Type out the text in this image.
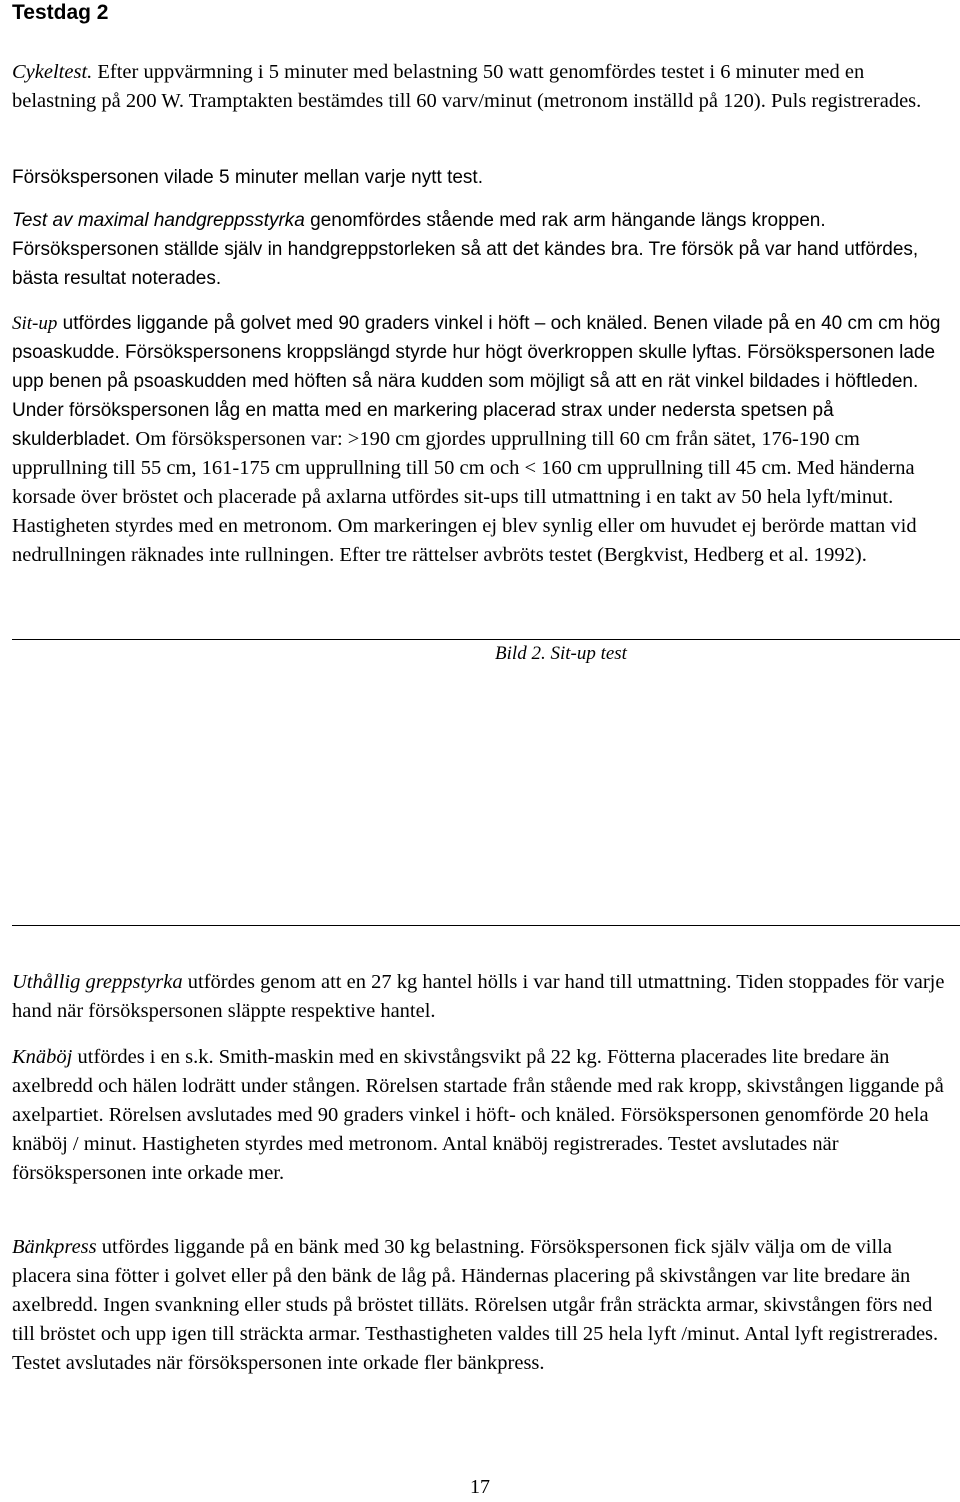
Testdag 2

Cykeltest. Efter uppvärmning i 5 minuter med belastning 50 watt genomfördes testet i 6 minuter med en belastning på 200 W. Tramptakten bestämdes till 60 varv/minut (metronom inställd på 120). Puls registrerades.

Försökspersonen vilade 5 minuter mellan varje nytt test.

Test av maximal handgreppsstyrka genomfördes stående med rak arm hängande längs kroppen. Försökspersonen ställde själv in handgreppstorleken så att det kändes bra. Tre försök på var hand utfördes, bästa resultat noterades.

Sit-up utfördes liggande på golvet med 90 graders vinkel i höft – och knäled. Benen vilade på en 40 cm cm hög psoaskudde. Försökspersonens kroppslängd styrde hur högt överkroppen skulle lyftas. Försökspersonen lade upp benen på psoaskudden med höften så nära kudden som möjligt så att en rät vinkel bildades i höftleden. Under försökspersonen låg en matta med en markering placerad strax under nedersta spetsen på skulderbladet. Om försökspersonen var: >190 cm gjordes upprullning till 60 cm från sätet, 176-190 cm upprullning till 55 cm, 161-175 cm upprullning till 50 cm och < 160 cm upprullning till 45 cm. Med händerna korsade över bröstet och placerade på axlarna utfördes sit-ups till utmattning i en takt av 50 hela lyft/minut. Hastigheten styrdes med en metronom. Om markeringen ej blev synlig eller om huvudet ej berörde mattan vid nedrullningen räknades inte rullningen. Efter tre rättelser avbröts testet (Bergkvist, Hedberg et al. 1992).

Bild 2. Sit-up test

Uthållig greppstyrka utfördes genom att en 27 kg hantel hölls i var hand till utmattning. Tiden stoppades för varje hand när försökspersonen släppte respektive hantel.

Knäböj utfördes i en s.k. Smith-maskin med en skivstångsvikt på 22 kg. Fötterna placerades lite bredare än axelbredd och hälen lodrätt under stången. Rörelsen startade från stående med rak kropp, skivstången liggande på axelpartiet. Rörelsen avslutades med 90 graders vinkel i höft- och knäled. Försökspersonen genomförde 20 hela knäböj / minut. Hastigheten styrdes med metronom. Antal knäböj registrerades. Testet avslutades när försökspersonen inte orkade mer.

Bänkpress utfördes liggande på en bänk med 30 kg belastning. Försökspersonen fick själv välja om de villa placera sina fötter i golvet eller på den bänk de låg på. Händernas placering på skivstången var lite bredare än axelbredd. Ingen svankning eller studs på bröstet tilläts. Rörelsen utgår från sträckta armar, skivstången förs ned till bröstet och upp igen till sträckta armar. Testhastigheten valdes till 25 hela lyft /minut. Antal lyft registrerades. Testet avslutades när försökspersonen inte orkade fler bänkpress.

17
